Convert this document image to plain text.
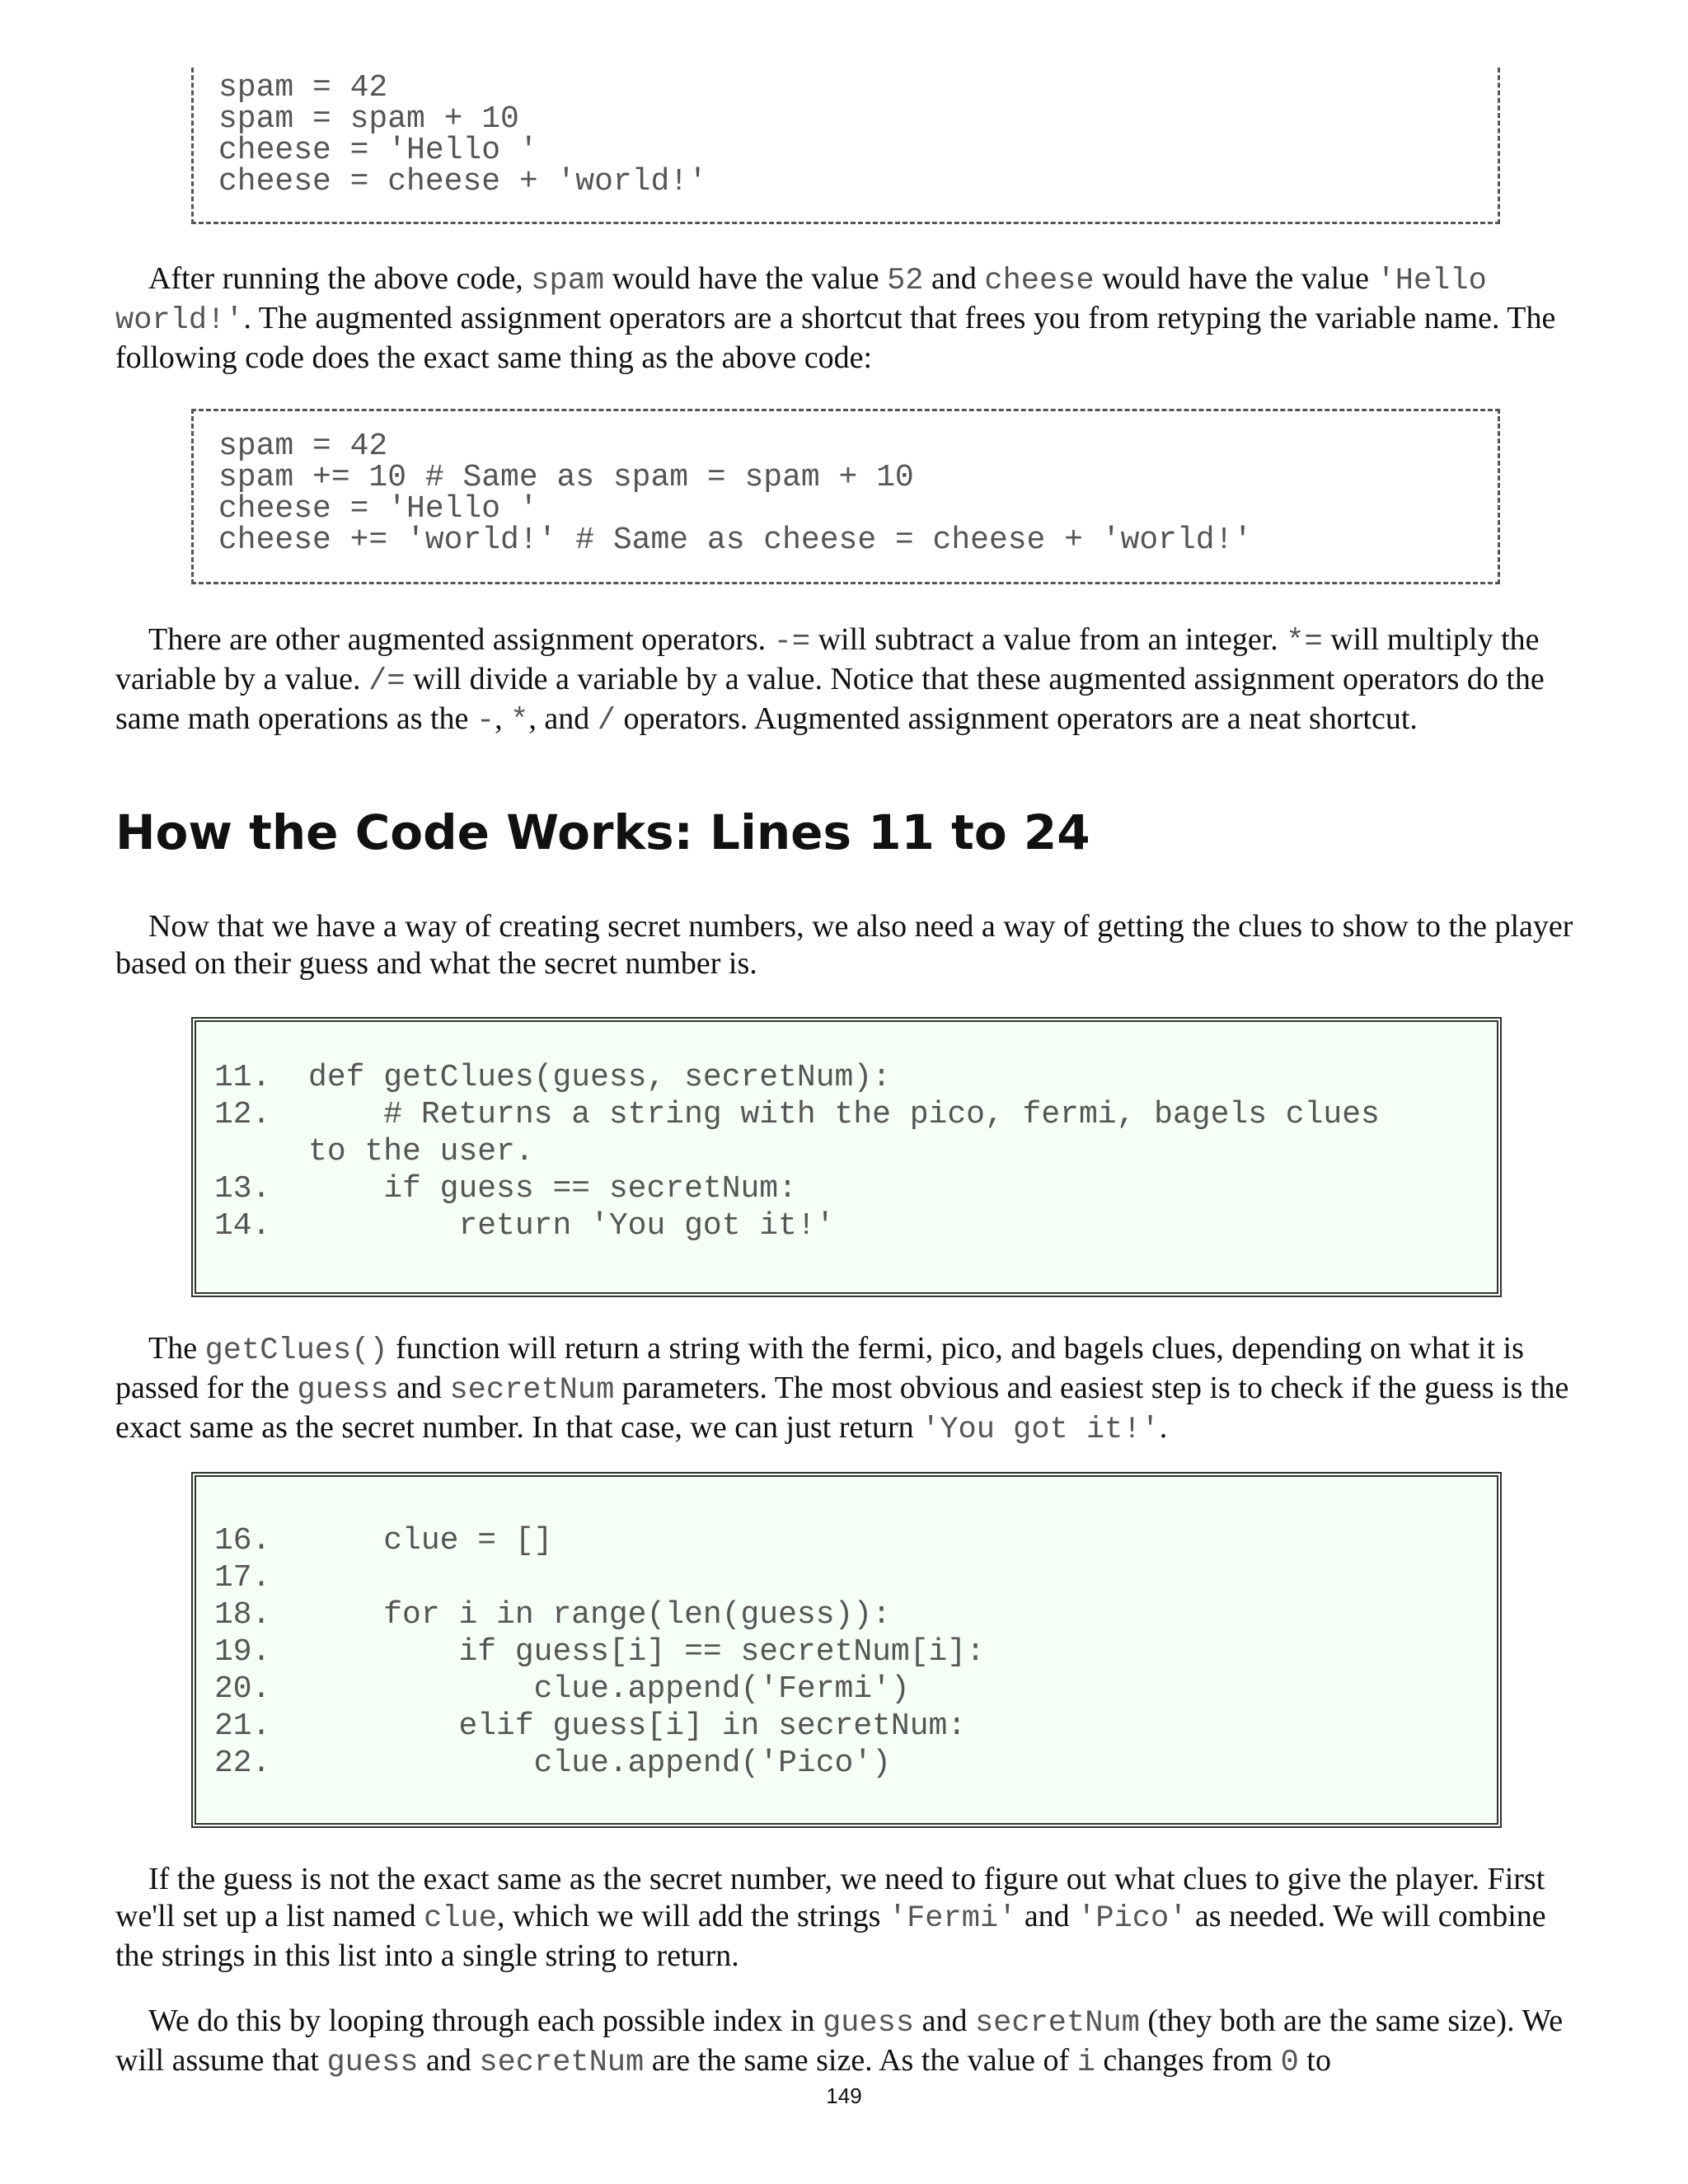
spam = 42
spam = spam + 10
cheese = 'Hello '
cheese = cheese + 'world!'

After running the above code, spam would have the value 52 and cheese would have the value 'Hello world!'. The augmented assignment operators are a shortcut that frees you from retyping the variable name. The following code does the exact same thing as the above code:

spam = 42
spam += 10 # Same as spam = spam + 10
cheese = 'Hello '
cheese += 'world!' # Same as cheese = cheese + 'world!'

There are other augmented assignment operators. -= will subtract a value from an integer. *= will multiply the variable by a value. /= will divide a variable by a value. Notice that these augmented assignment operators do the same math operations as the -, *, and / operators. Augmented assignment operators are a neat shortcut.

How the Code Works: Lines 11 to 24

Now that we have a way of creating secret numbers, we also need a way of getting the clues to show to the player based on their guess and what the secret number is.

11.  def getClues(guess, secretNum):
12.      # Returns a string with the pico, fermi, bagels clues
to the user.
13.      if guess == secretNum:
14.          return 'You got it!'

The getClues() function will return a string with the fermi, pico, and bagels clues, depending on what it is passed for the guess and secretNum parameters. The most obvious and easiest step is to check if the guess is the exact same as the secret number. In that case, we can just return 'You got it!'.

16.      clue = []
17.
18.      for i in range(len(guess)):
19.          if guess[i] == secretNum[i]:
20.              clue.append('Fermi')
21.          elif guess[i] in secretNum:
22.              clue.append('Pico')

If the guess is not the exact same as the secret number, we need to figure out what clues to give the player. First we'll set up a list named clue, which we will add the strings 'Fermi' and 'Pico' as needed. We will combine the strings in this list into a single string to return.

We do this by looping through each possible index in guess and secretNum (they both are the same size). We will assume that guess and secretNum are the same size. As the value of i changes from 0 to

149
